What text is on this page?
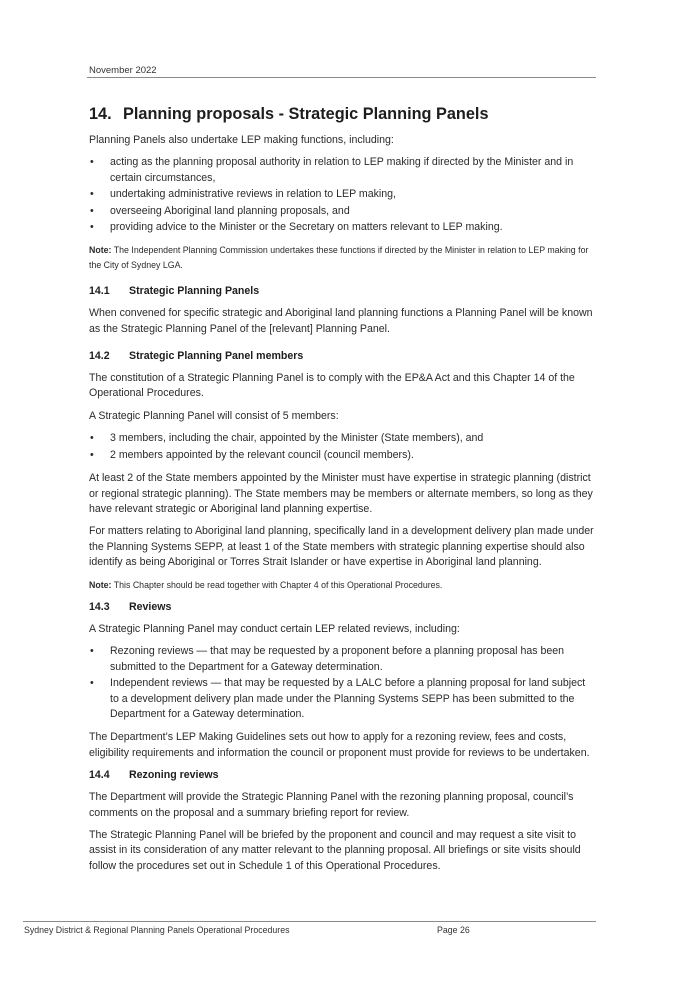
November 2022
14. Planning proposals - Strategic Planning Panels

Planning Panels also undertake LEP making functions, including:

• acting as the planning proposal authority in relation to LEP making if directed by the Minister and in certain circumstances,
• undertaking administrative reviews in relation to LEP making,
• overseeing Aboriginal land planning proposals, and
• providing advice to the Minister or the Secretary on matters relevant to LEP making.

Note: The Independent Planning Commission undertakes these functions if directed by the Minister in relation to LEP making for the City of Sydney LGA.

14.1 Strategic Planning Panels

When convened for specific strategic and Aboriginal land planning functions a Planning Panel will be known as the Strategic Planning Panel of the [relevant] Planning Panel.

14.2 Strategic Planning Panel members

The constitution of a Strategic Planning Panel is to comply with the EP&A Act and this Chapter 14 of the Operational Procedures.

A Strategic Planning Panel will consist of 5 members:

• 3 members, including the chair, appointed by the Minister (State members), and
• 2 members appointed by the relevant council (council members).

At least 2 of the State members appointed by the Minister must have expertise in strategic planning (district or regional strategic planning). The State members may be members or alternate members, so long as they have relevant strategic or Aboriginal land planning expertise.

For matters relating to Aboriginal land planning, specifically land in a development delivery plan made under the Planning Systems SEPP, at least 1 of the State members with strategic planning expertise should also identify as being Aboriginal or Torres Strait Islander or have expertise in Aboriginal land planning.

Note: This Chapter should be read together with Chapter 4 of this Operational Procedures.

14.3 Reviews

A Strategic Planning Panel may conduct certain LEP related reviews, including:

• Rezoning reviews — that may be requested by a proponent before a planning proposal has been submitted to the Department for a Gateway determination.
• Independent reviews — that may be requested by a LALC before a planning proposal for land subject to a development delivery plan made under the Planning Systems SEPP has been submitted to the Department for a Gateway determination.

The Department’s LEP Making Guidelines sets out how to apply for a rezoning review, fees and costs, eligibility requirements and information the council or proponent must provide for reviews to be undertaken.

14.4 Rezoning reviews

The Department will provide the Strategic Planning Panel with the rezoning planning proposal, council’s comments on the proposal and a summary briefing report for review.

The Strategic Planning Panel will be briefed by the proponent and council and may request a site visit to assist in its consideration of any matter relevant to the planning proposal. All briefings or site visits should follow the procedures set out in Schedule 1 of this Operational Procedures.

Sydney District & Regional Planning Panels Operational Procedures	Page 26
